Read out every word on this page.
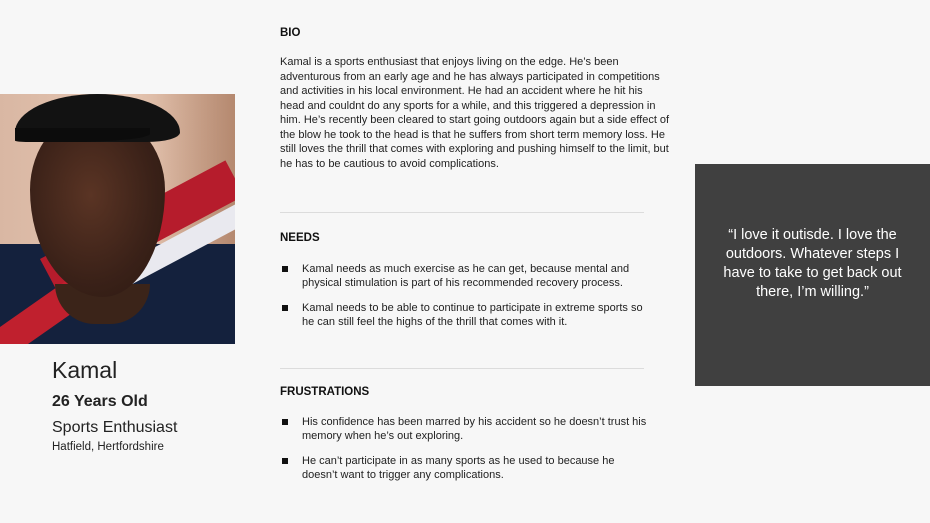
Kamal
26 Years Old
Sports Enthusiast
Hatfield, Hertfordshire
BIO

Kamal is a sports enthusiast that enjoys living on the edge. He’s been adventurous from an early age and he has always participated in competitions and activities in his local environment. He had an accident where he hit his head and couldnt do any sports for a while, and this triggered a depression in him. He’s recently been cleared to start going outdoors again but a side effect of the blow he took to the head is that he suffers from short term memory loss. He still loves the thrill that comes with exploring and pushing himself to the limit, but he has to be cautious to avoid complications.

NEEDS
Kamal needs as much exercise as he can get, because mental and physical stimulation is part of his recommended recovery process.
Kamal needs to be able to continue to participate in extreme sports so he can still feel the highs of the thrill that comes with it.
FRUSTRATIONS
His confidence has been marred by his accident so he doesn’t trust his memory when he’s out exploring.
He can’t participate in as many sports as he used to because he doesn’t want to trigger any complications.

“I love it outisde. I love the outdoors. Whatever steps I have to take to get back out there, I’m willing.”
